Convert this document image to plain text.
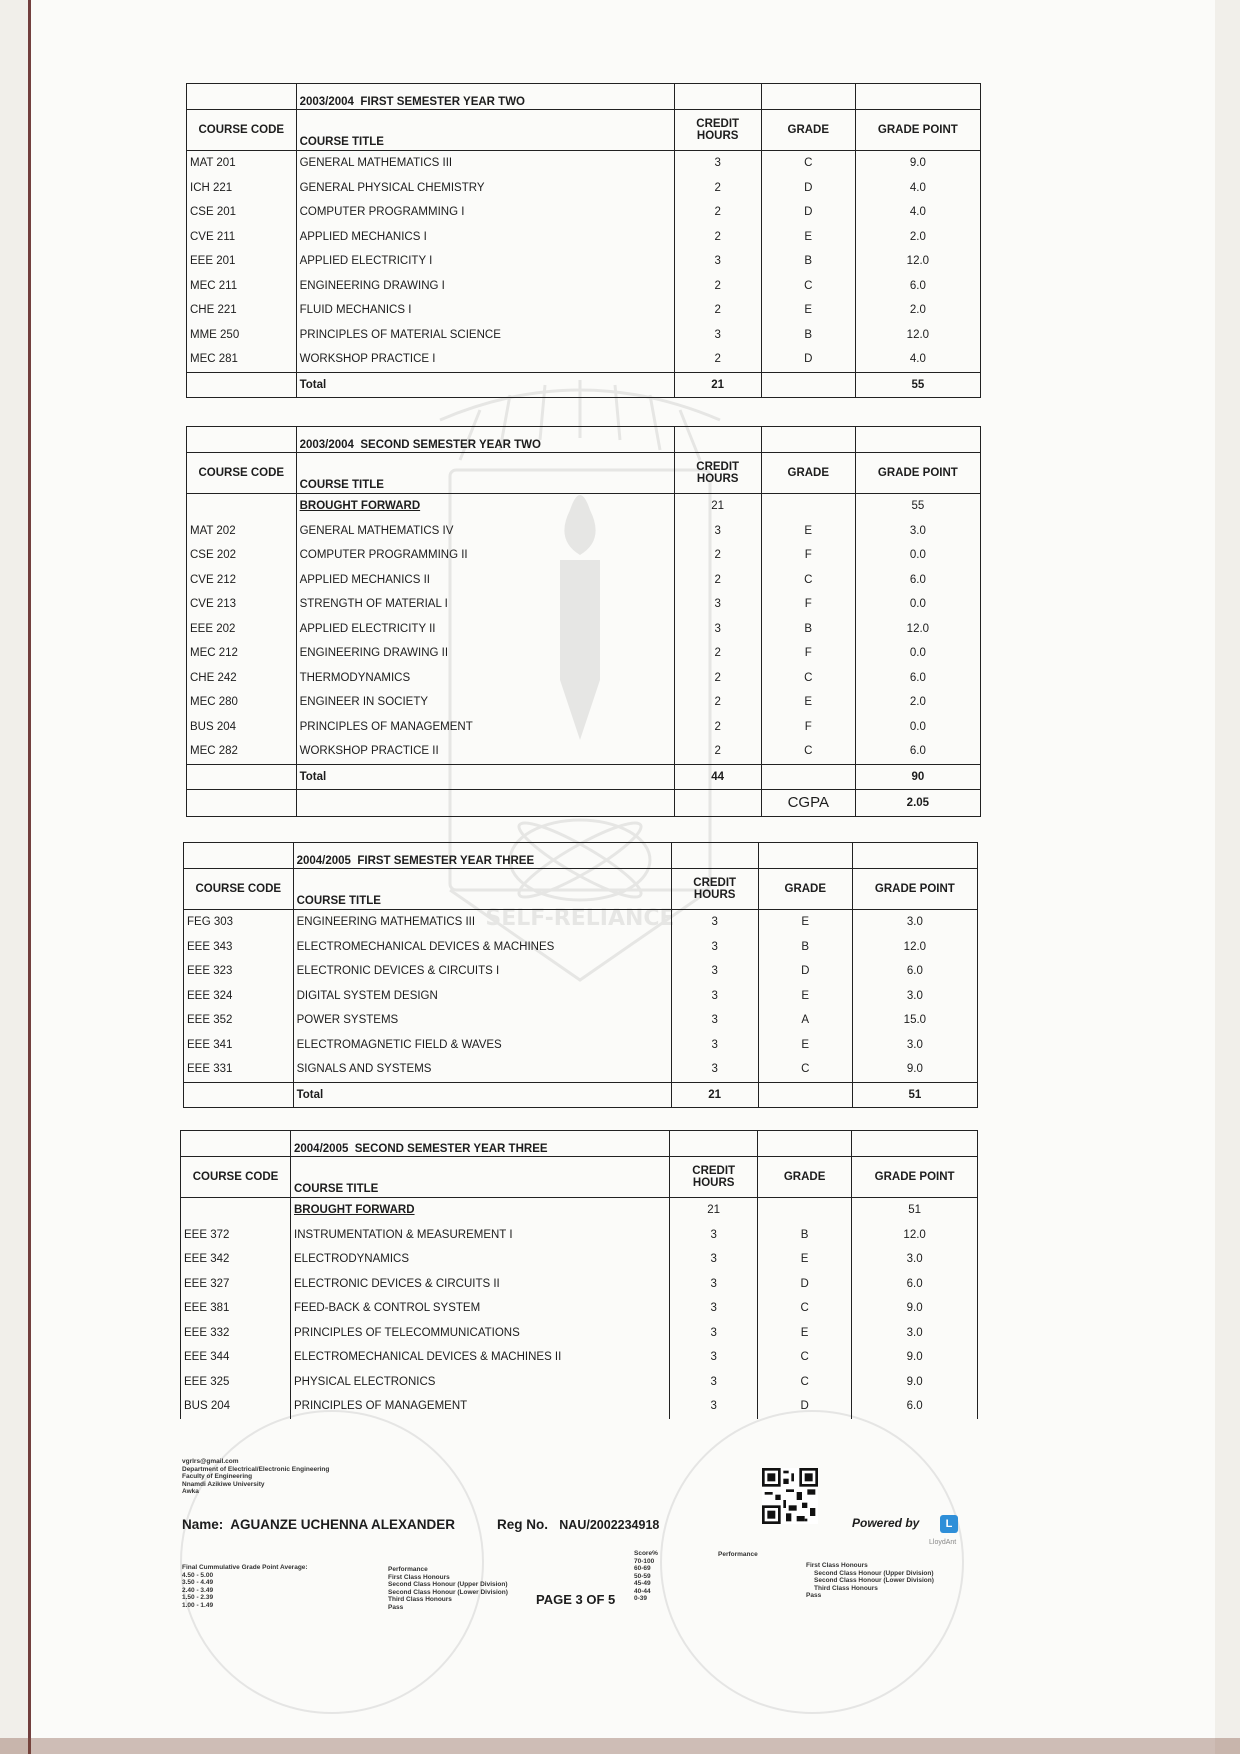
SELF-RELIANCE
	2003/2004 FIRST SEMESTER YEAR TWO			
COURSE CODE	COURSE TITLE	CREDIT HOURS	GRADE	GRADE POINT
MAT 201	GENERAL MATHEMATICS III	3	C	9.0
ICH 221	GENERAL PHYSICAL CHEMISTRY	2	D	4.0
CSE 201	COMPUTER PROGRAMMING I	2	D	4.0
CVE 211	APPLIED MECHANICS I	2	E	2.0
EEE 201	APPLIED ELECTRICITY I	3	B	12.0
MEC 211	ENGINEERING DRAWING I	2	C	6.0
CHE 221	FLUID MECHANICS I	2	E	2.0
MME 250	PRINCIPLES OF MATERIAL SCIENCE	3	B	12.0
MEC 281	WORKSHOP PRACTICE I	2	D	4.0
	Total	21		55
	2003/2004 SECOND SEMESTER YEAR TWO			
COURSE CODE	COURSE TITLE	CREDIT HOURS	GRADE	GRADE POINT
	BROUGHT FORWARD	21		55
MAT 202	GENERAL MATHEMATICS IV	3	E	3.0
CSE 202	COMPUTER PROGRAMMING II	2	F	0.0
CVE 212	APPLIED MECHANICS II	2	C	6.0
CVE 213	STRENGTH OF MATERIAL I	3	F	0.0
EEE 202	APPLIED ELECTRICITY II	3	B	12.0
MEC 212	ENGINEERING DRAWING II	2	F	0.0
CHE 242	THERMODYNAMICS	2	C	6.0
MEC 280	ENGINEER IN SOCIETY	2	E	2.0
BUS 204	PRINCIPLES OF MANAGEMENT	2	F	0.0
MEC 282	WORKSHOP PRACTICE II	2	C	6.0
	Total	44		90
			CGPA	2.05
	2004/2005 FIRST SEMESTER YEAR THREE			
COURSE CODE	COURSE TITLE	CREDIT HOURS	GRADE	GRADE POINT
FEG 303	ENGINEERING MATHEMATICS III	3	E	3.0
EEE 343	ELECTROMECHANICAL DEVICES & MACHINES	3	B	12.0
EEE 323	ELECTRONIC DEVICES & CIRCUITS I	3	D	6.0
EEE 324	DIGITAL SYSTEM DESIGN	3	E	3.0
EEE 352	POWER SYSTEMS	3	A	15.0
EEE 341	ELECTROMAGNETIC FIELD & WAVES	3	E	3.0
EEE 331	SIGNALS AND SYSTEMS	3	C	9.0
	Total	21		51
	2004/2005 SECOND SEMESTER YEAR THREE			
COURSE CODE	COURSE TITLE	CREDIT HOURS	GRADE	GRADE POINT
	BROUGHT FORWARD	21		51
EEE 372	INSTRUMENTATION & MEASUREMENT I	3	B	12.0
EEE 342	ELECTRODYNAMICS	3	E	3.0
EEE 327	ELECTRONIC DEVICES & CIRCUITS II	3	D	6.0
EEE 381	FEED-BACK & CONTROL SYSTEM	3	C	9.0
EEE 332	PRINCIPLES OF TELECOMMUNICATIONS	3	E	3.0
EEE 344	ELECTROMECHANICAL DEVICES & MACHINES II	3	C	9.0
EEE 325	PHYSICAL ELECTRONICS	3	C	9.0
BUS 204	PRINCIPLES OF MANAGEMENT	3	D	6.0
vgrlrs@gmail.com
Department of Electrical/Electronic Engineering
Faculty of Engineering
Nnamdi Azikiwe University
Awka
Name: AGUANZE UCHENNA ALEXANDER	Reg No. NAU/2002234918
Final Cummulative Grade Point Average:
4.50 - 5.00
3.50 - 4.49
2.40 - 3.49
1.50 - 2.39
1.00 - 1.49
Performance
First Class Honours
Second Class Honour (Upper Division)
Second Class Honour (Lower Division)
Third Class Honours
Pass	PAGE 3 OF 5
Score%
70-100
60-69
50-59
45-49
40-44
0-39
Performance
Powered by	L
LloydAnt
First Class Honours
Second Class Honour (Upper Division)
Second Class Honour (Lower Division)
Third Class Honours
Pass
